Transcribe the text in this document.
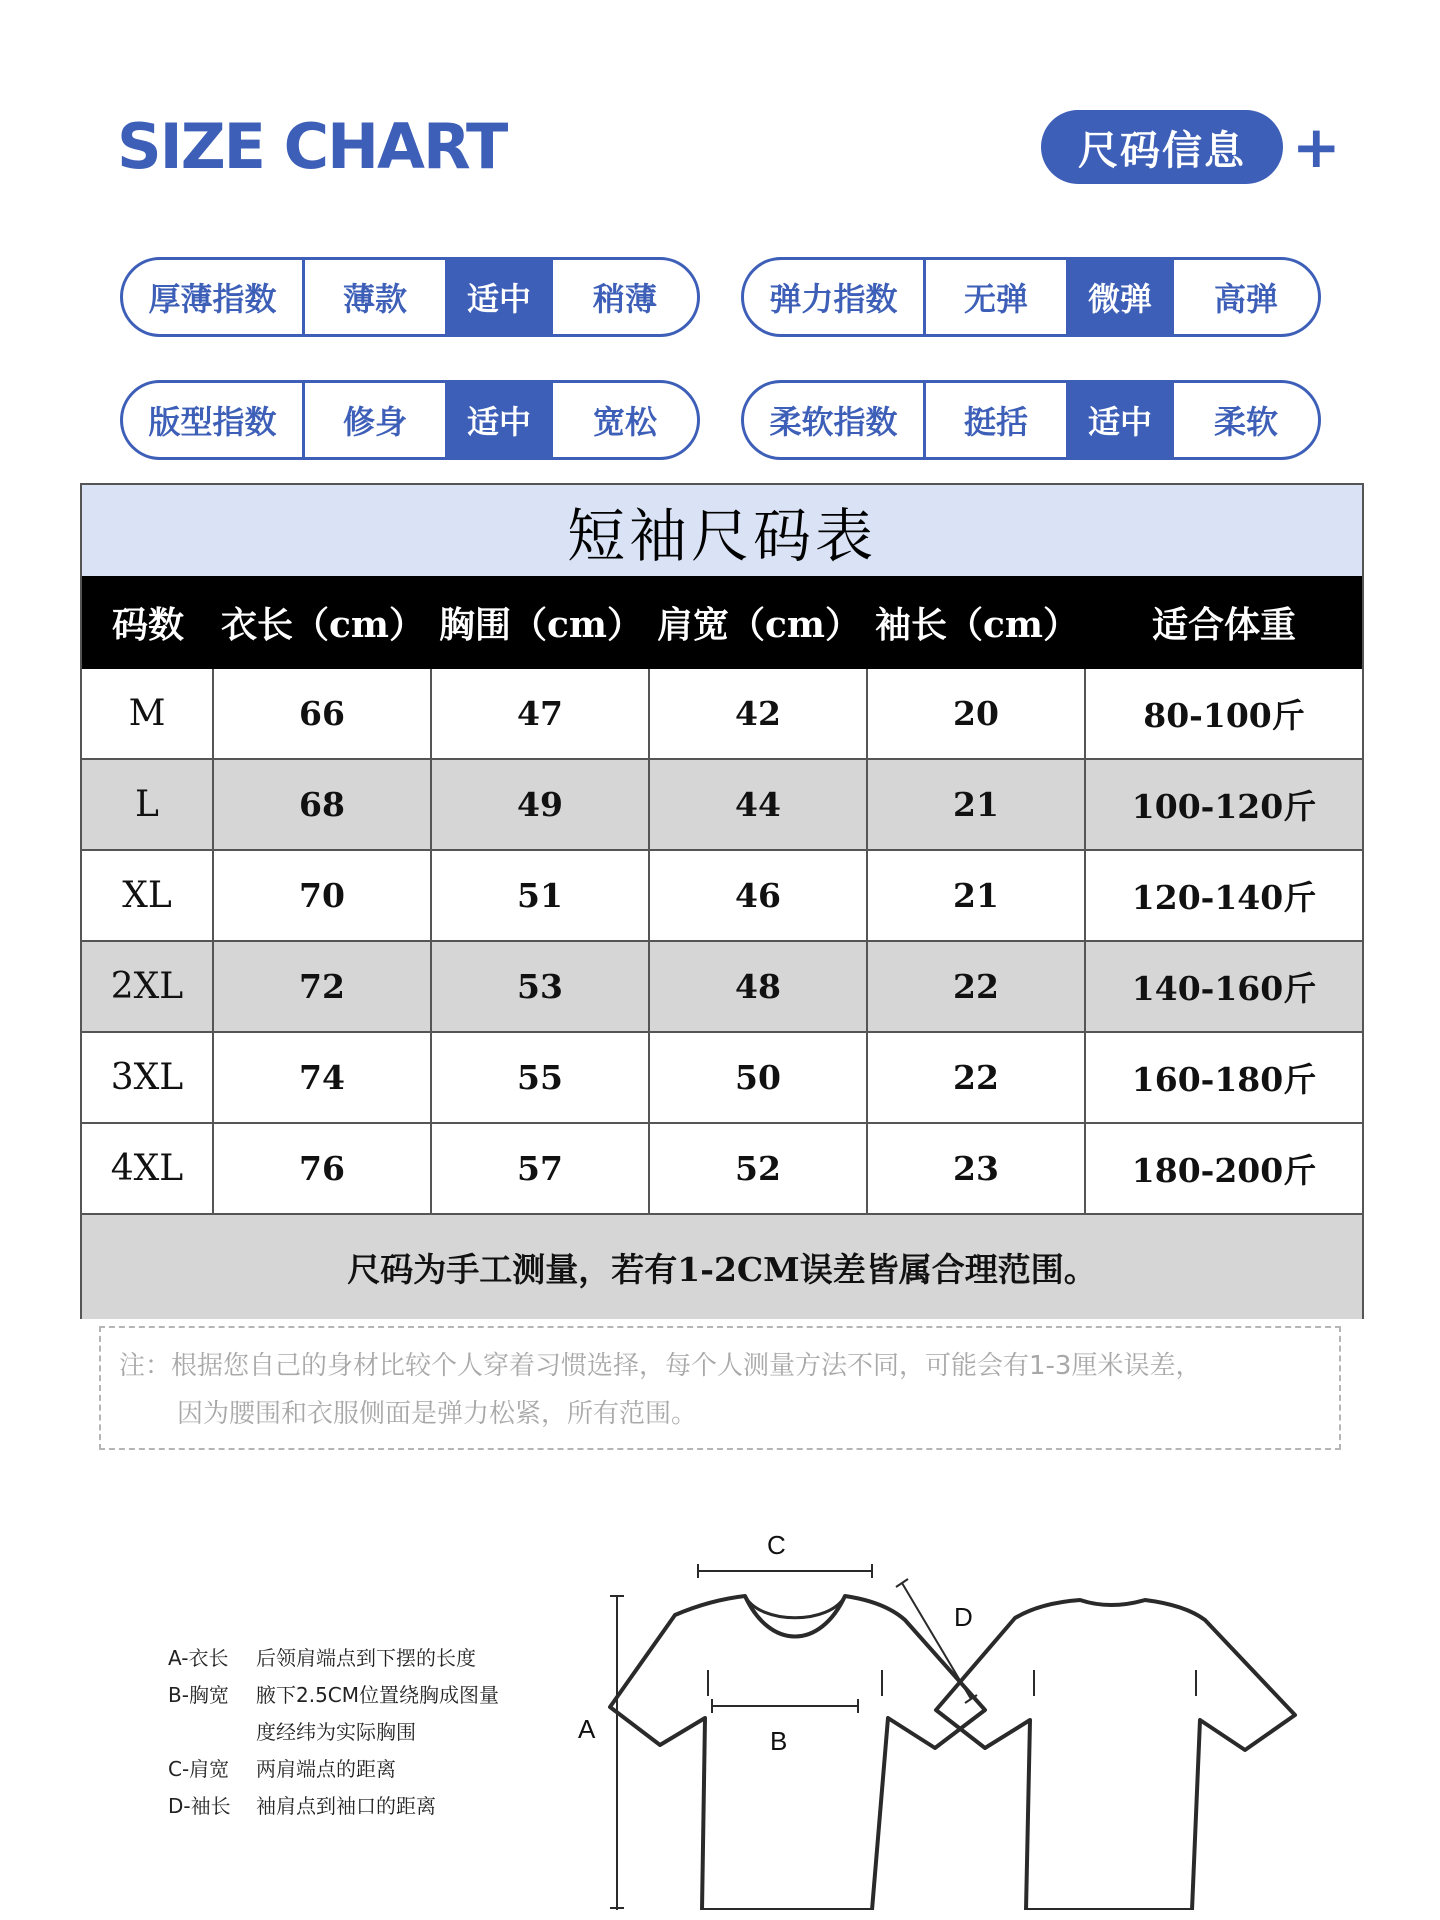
SIZE CHART	尺码信息 +
厚薄指数	薄款	适中	稍薄	弹力指数	无弹	微弹	高弹
版型指数	修身	适中	宽松	柔软指数	挺括	适中	柔软
短袖尺码表
码数	衣长（cm） 胸围（cm） 肩宽（cm） 袖长（cm）	适合体重
M	66	47	42	20	80-100斤
L	68	49	44	21	100-120斤
XL	70	51	46	21	120-140斤
2XL	72	53	48	22	140-160斤
3XL	74	55	50	22	160-180斤
4XL	76	57	52	23	180-200斤
尺码为手工测量，若有1-2CM误差皆属合理范围。
注：根据您自己的身材比较个人穿着习惯选择，每个人测量方法不同，可能会有1-3厘米误差，
因为腰围和衣服侧面是弹力松紧，所有范围。
A-衣长	后领肩端点到下摆的长度
B-胸宽	腋下2.5CM位置绕胸成图量
度经纬为实际胸围
C-肩宽	两肩端点的距离
D-袖长	袖肩点到袖口的距离
A	B
C
D
